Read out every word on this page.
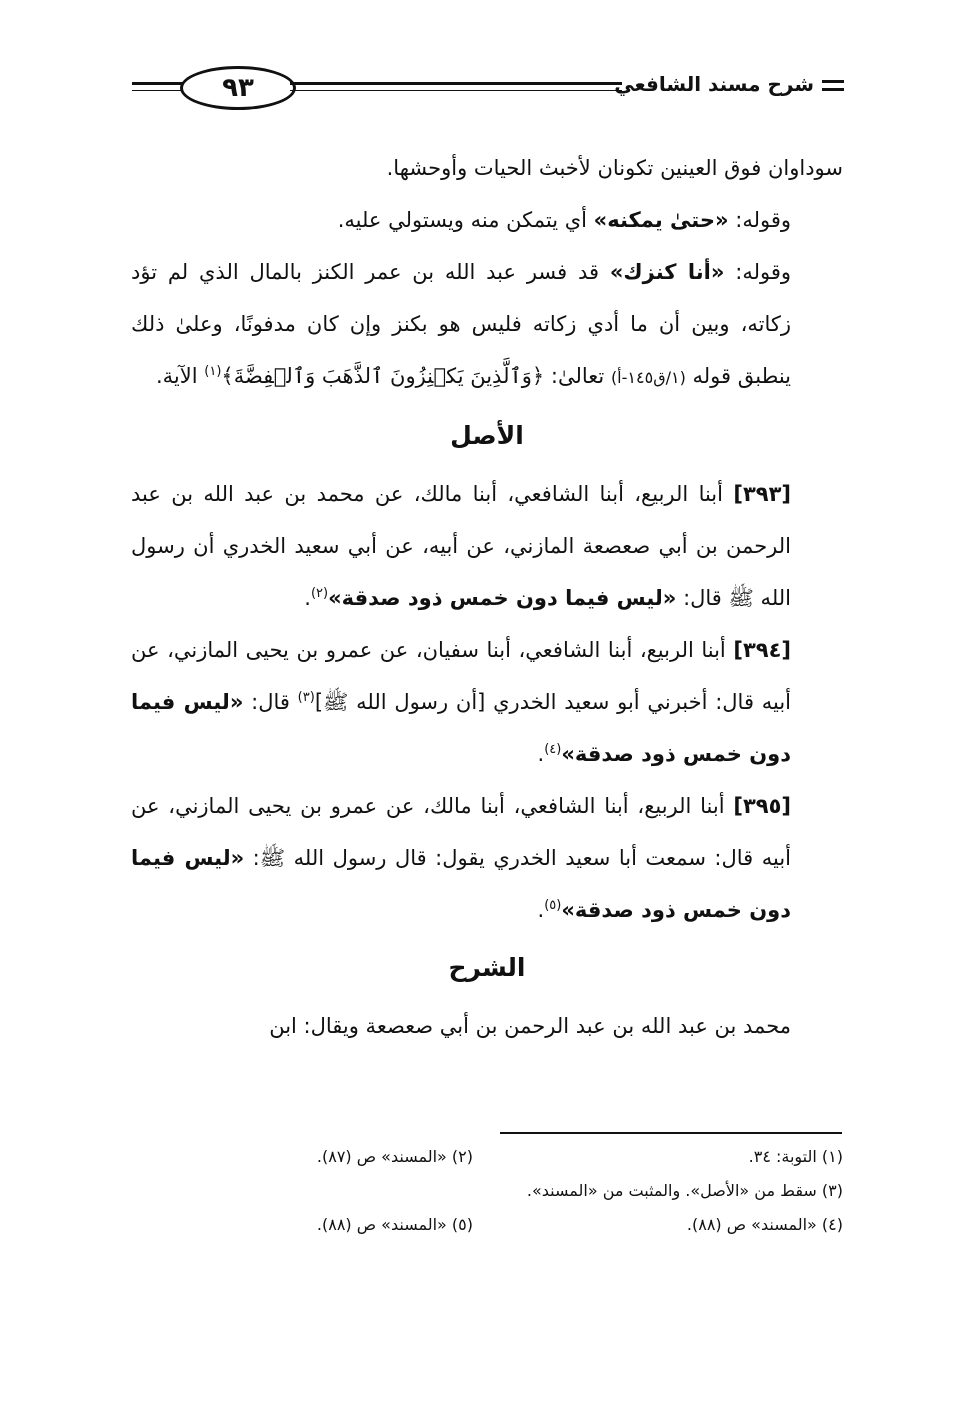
٩٣	شرح مسند الشافعي

سوداوان فوق العينين تكونان لأخبث الحيات وأوحشها.

وقوله: «حتىٰ يمكنه» أي يتمكن منه ويستولي عليه.

وقوله: «أنا كنزك» قد فسر عبد الله بن عمر الكنز بالمال الذي لم تؤد زكاته، وبين أن ما أدي زكاته فليس هو بكنز وإن كان مدفونًا، وعلىٰ ذلك ينطبق قوله (١/ق١٤٥-أ) تعالىٰ: ﴿وَٱلَّذِينَ يَكۡنِزُونَ ٱلذَّهَبَ وَٱلۡفِضَّةَ﴾$^{(١)}$ الآية.

الأصل

[٣٩٣] أبنا الربيع، أبنا الشافعي، أبنا مالك، عن محمد بن عبد الله بن عبد الرحمن بن أبي صعصعة المازني، عن أبيه، عن أبي سعيد الخدري أن رسول الله ﷺ قال: «ليس فيما دون خمس ذود صدقة»$^{(٢)}$.

[٣٩٤] أبنا الربيع، أبنا الشافعي، أبنا سفيان، عن عمرو بن يحيى المازني، عن أبيه قال: أخبرني أبو سعيد الخدري [أن رسول الله ﷺ]$^{(٣)}$ قال: «ليس فيما دون خمس ذود صدقة»$^{(٤)}$.

[٣٩٥] أبنا الربيع، أبنا الشافعي، أبنا مالك، عن عمرو بن يحيى المازني، عن أبيه قال: سمعت أبا سعيد الخدري يقول: قال رسول الله ﷺ: «ليس فيما دون خمس ذود صدقة»$^{(٥)}$.

الشرح

محمد بن عبد الله بن عبد الرحمن بن أبي صعصعة ويقال: ابن

(١) التوبة: ٣٤.
(٢) «المسند» ص (٨٧).
(٣) سقط من «الأصل». والمثبت من «المسند».
(٤) «المسند» ص (٨٨).
(٥) «المسند» ص (٨٨).
